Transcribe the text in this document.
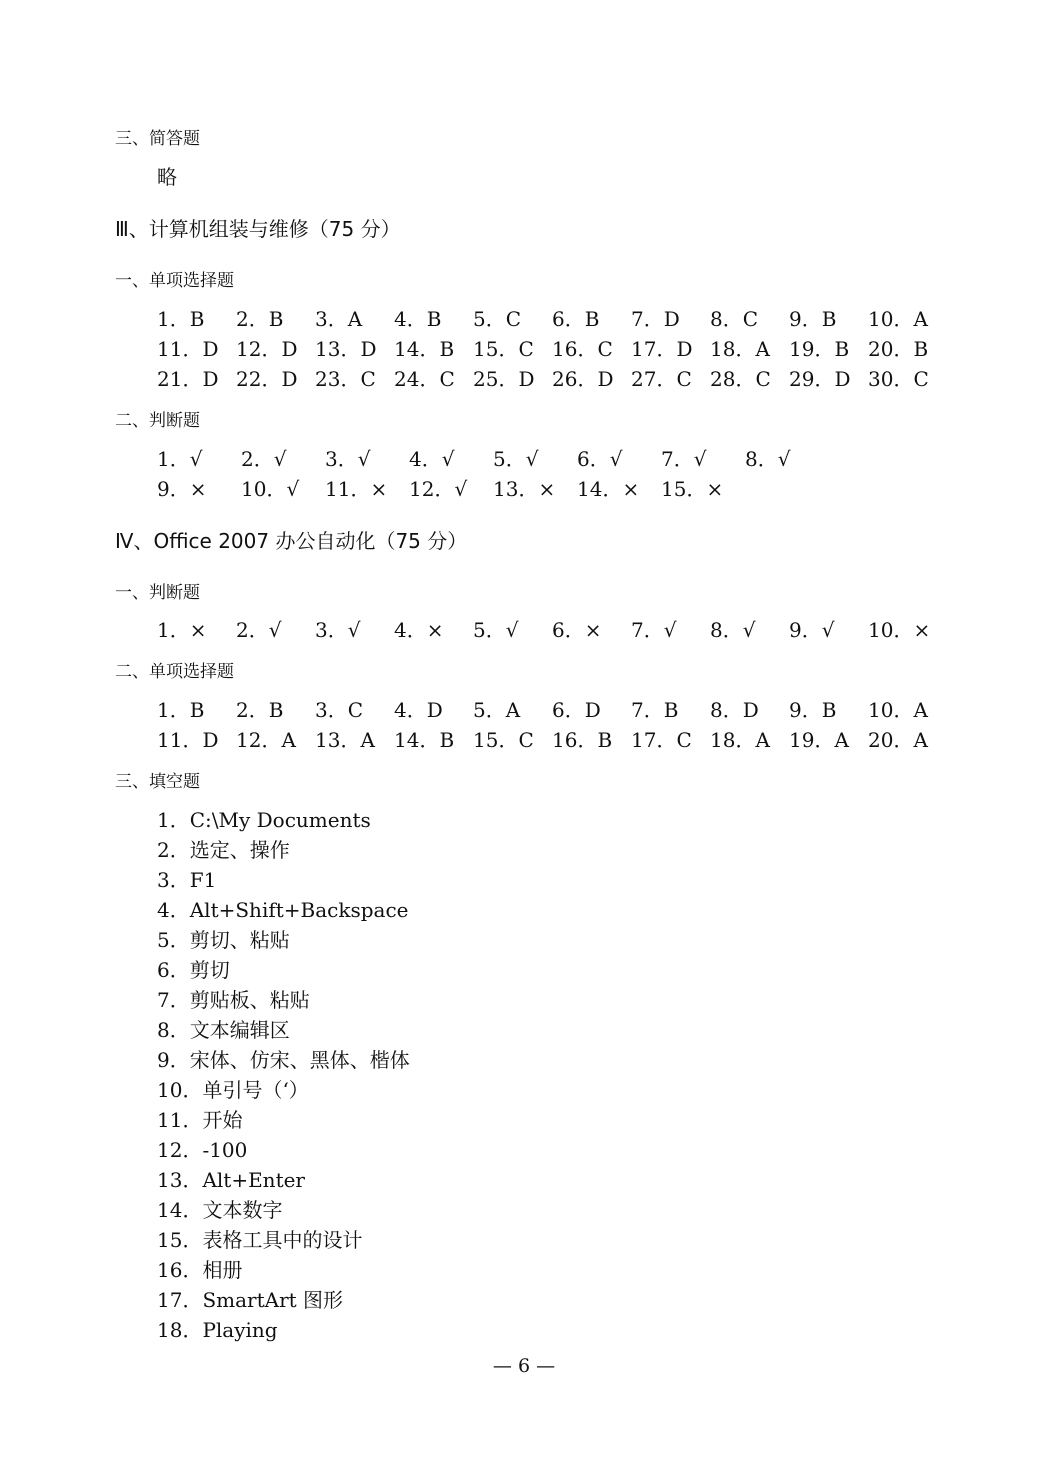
三、简答题
略
Ⅲ、计算机组装与维修（75 分）
一、单项选择题
1．B 2．B 3．A 4．B 5．C 6．B 7．D 8．C 9．B 10．A
11．D 12．D 13．D 14．B 15．C 16．C 17．D 18．A 19．B 20．B
21．D 22．D 23．C 24．C 25．D 26．D 27．C 28．C 29．D 30．C
二、判断题
1．√ 2．√ 3．√ 4．√ 5．√ 6．√ 7．√ 8．√
9．× 10．√ 11．× 12．√ 13．× 14．× 15．×
Ⅳ、Office 2007 办公自动化（75 分）
一、判断题
1．× 2．√ 3．√ 4．× 5．√ 6．× 7．√ 8．√ 9．√ 10．×
二、单项选择题
1．B 2．B 3．C 4．D 5．A 6．D 7．B 8．D 9．B 10．A
11．D 12．A 13．A 14．B 15．C 16．B 17．C 18．A 19．A 20．A
三、填空题
1．C:\My Documents
2．选定、操作
3．F1
4．Alt+Shift+Backspace
5．剪切、粘贴
6．剪切
7．剪贴板、粘贴
8．文本编辑区
9．宋体、仿宋、黑体、楷体
10．单引号（‘）
11．开始
12．-100
13．Alt+Enter
14．文本数字
15．表格工具中的设计
16．相册
17．SmartArt 图形
18．Playing
— 6 —
